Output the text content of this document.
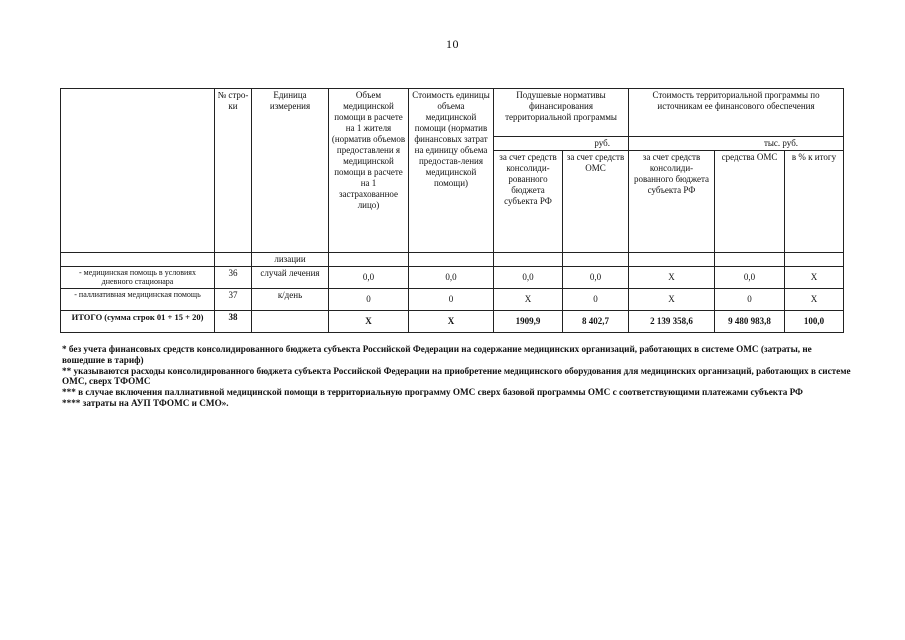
10
	№ стро-ки	Единица измерения	Объем медицинской помощи в расчете на 1 жителя (норматив объемов предоставлени я медицинской помощи в расчете на 1 застрахованное лицо)	Стоимость единицы объема медицинской помощи (норматив финансовых затрат на единицу объема предостав-ления медицинской помощи)	Подушевые нормативы финансирования территориальной программы		Стоимость территориальной программы по источникам ее финансового обеспечения		
					руб.		тыс. руб.		
					за счет средств консолиди-рованного бюджета субъекта РФ	за счет средств ОМС	за счет средств консолиди-рованного бюджета субъекта РФ	средства ОМС	в % к итогу
		лизации							
- медицинская помощь в условиях дневного стационара	36	случай лечения	0,0	0,0	0,0	0,0	Х	0,0	Х
- паллиативная медицинская помощь	37	к/день	0	0	Х	0	Х	0	Х
ИТОГО (сумма строк 01 + 15 + 20)	38		Х	Х	1909,9	8 402,7	2 139 358,6	9 480 983,8	100,0

* без учета финансовых средств консолидированного бюджета субъекта Российской Федерации на содержание медицинских организаций, работающих в системе ОМС (затраты, не вошедшие в тариф)

** указываются расходы консолидированного бюджета субъекта Российской Федерации на приобретение медицинского оборудования для медицинских организаций, работающих в системе ОМС, сверх ТФОМС

*** в случае включения паллиативной медицинской помощи в территориальную программу ОМС сверх базовой программы ОМС с соответствующими платежами субъекта РФ

**** затраты на АУП ТФОМС и СМО».
